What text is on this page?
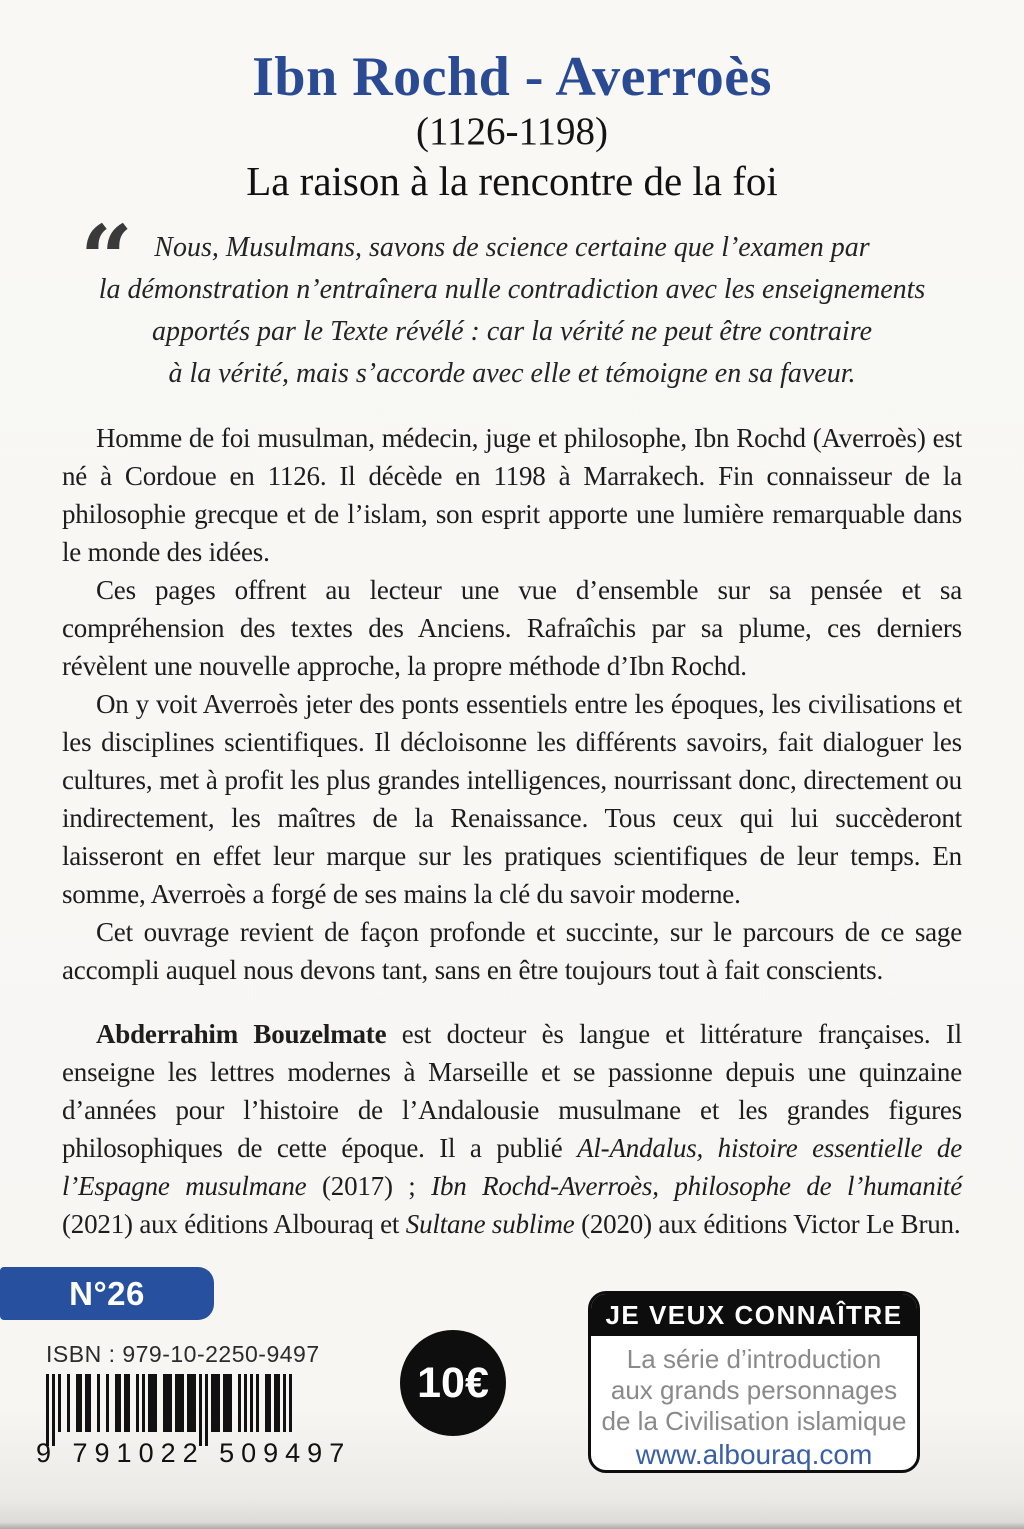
Ibn Rochd - Averroès
(1126-1198)
La raison à la rencontre de la foi
“ Nous, Musulmans, savons de science certaine que l’examen par
la démonstration n’entraînera nulle contradiction avec les enseignements
apportés par le Texte révélé : car la vérité ne peut être contraire
à la vérité, mais s’accorde avec elle et témoigne en sa faveur.

Homme de foi musulman, médecin, juge et philosophe, Ibn Rochd (Averroès) est né à Cordoue en 1126. Il décède en 1198 à Marrakech. Fin connaisseur de la philosophie grecque et de l’islam, son esprit apporte une lumière remarquable dans le monde des idées.

Ces pages offrent au lecteur une vue d’ensemble sur sa pensée et sa compréhension des textes des Anciens. Rafraîchis par sa plume, ces derniers révèlent une nouvelle approche, la propre méthode d’Ibn Rochd.

On y voit Averroès jeter des ponts essentiels entre les époques, les civilisations et les disciplines scientifiques. Il décloisonne les différents savoirs, fait dialoguer les cultures, met à profit les plus grandes intelligences, nourrissant donc, directement ou indirectement, les maîtres de la Renaissance. Tous ceux qui lui succèderont laisseront en effet leur marque sur les pratiques scientifiques de leur temps. En somme, Averroès a forgé de ses mains la clé du savoir moderne.

Cet ouvrage revient de façon profonde et succinte, sur le parcours de ce sage accompli auquel nous devons tant, sans en être toujours tout à fait conscients.

Abderrahim Bouzelmate est docteur ès langue et littérature françaises. Il enseigne les lettres modernes à Marseille et se passionne depuis une quinzaine d’années pour l’histoire de l’Andalousie musulmane et les grandes figures philosophiques de cette époque. Il a publié Al-Andalus, histoire essentielle de l’Espagne musulmane (2017) ; Ibn Rochd-Averroès, philosophe de l’humanité (2021) aux éditions Albouraq et Sultane sublime (2020) aux éditions Victor Le Brun.

N°26
ISBN : 979-10-2250-9497
9 791022 509497
10€
JE VEUX CONNAÎTRE
La série d’introduction
aux grands personnages
de la Civilisation islamique
www.albouraq.com
